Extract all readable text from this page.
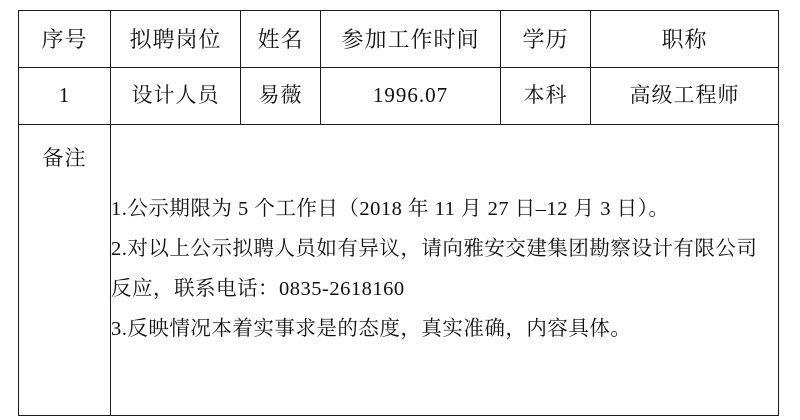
序号	拟聘岗位	姓名	参加工作时间	学历	职称
1	设计人员	易薇	1996.07	本科	高级工程师
备注	
1.公示期限为 5 个工作日（2018 年 11 月 27 日–12 月 3 日）。
2.对以上公示拟聘人员如有异议，请向雅安交建集团勘察设计有限公司反应，联系电话：0835-2618160
3.反映情况本着实事求是的态度，真实准确，内容具体。
